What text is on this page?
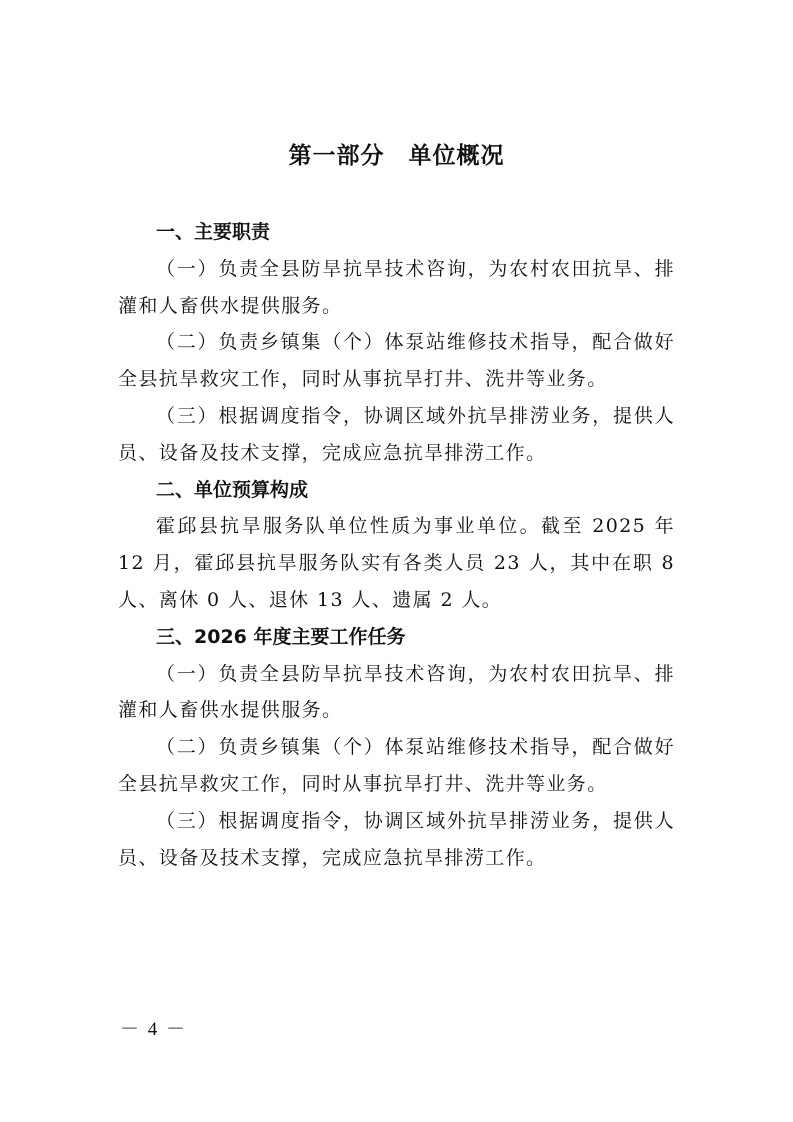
第一部分　单位概况

一、主要职责

（一）负责全县防旱抗旱技术咨询，为农村农田抗旱、排灌和人畜供水提供服务。

（二）负责乡镇集（个）体泵站维修技术指导，配合做好全县抗旱救灾工作，同时从事抗旱打井、洗井等业务。

（三）根据调度指令，协调区域外抗旱排涝业务，提供人员、设备及技术支撑，完成应急抗旱排涝工作。

二、单位预算构成

霍邱县抗旱服务队单位性质为事业单位。截至 2025 年 12 月，霍邱县抗旱服务队实有各类人员 23 人，其中在职 8 人、离休 0 人、退休 13 人、遗属 2 人。

三、2026 年度主要工作任务

（一）负责全县防旱抗旱技术咨询，为农村农田抗旱、排灌和人畜供水提供服务。

（二）负责乡镇集（个）体泵站维修技术指导，配合做好全县抗旱救灾工作，同时从事抗旱打井、洗井等业务。

（三）根据调度指令，协调区域外抗旱排涝业务，提供人员、设备及技术支撑，完成应急抗旱排涝工作。

－ 4 －
